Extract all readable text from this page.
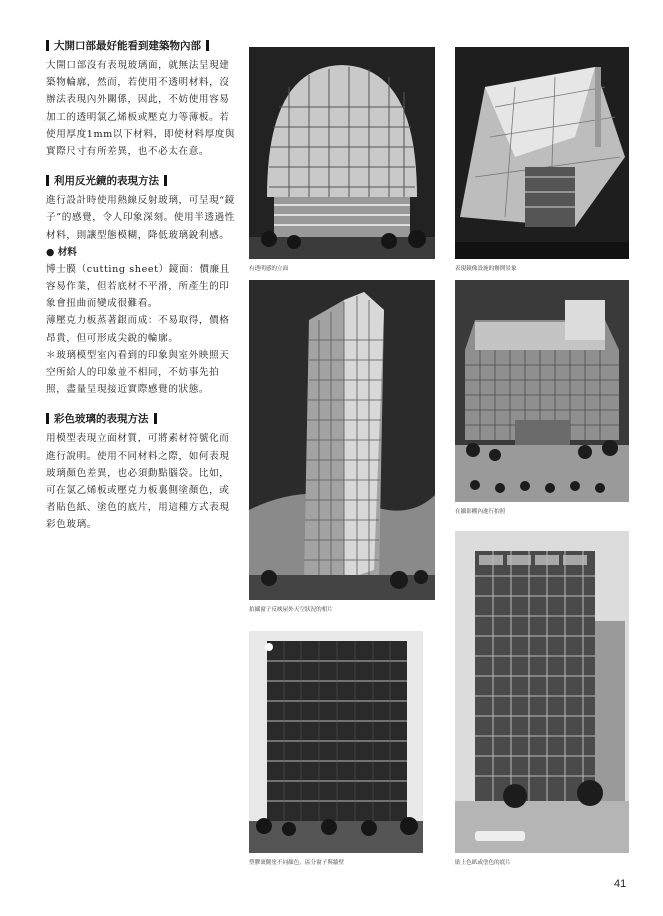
大開口部最好能看到建築物內部

大開口部沒有表現玻璃面，就無法呈現建築物輪廓，然而，若使用不透明材料，沒辦法表現內外關係，因此，不妨使用容易加工的透明氯乙烯板或壓克力等薄板。若使用厚度1mm以下材料，即使材料厚度與實際尺寸有所差異，也不必太在意。

利用反光鏡的表現方法

進行設計時使用熱線反射玻璃，可呈現“鏡子”的感覺，令人印象深刻。使用半透過性材料，則讓型態模糊，降低玻璃銳利感。

● 材料

博士膜（cutting sheet）鏡面：價廉且容易作業，但若底材不平滑，所產生的印象會扭曲而變成很難看。

薄壓克力板蒸著銀而成：不易取得，價格昂貴，但可形成尖銳的輪廓。

＊玻璃模型室內看到的印象與室外映照天空所給人的印象並不相同，不妨事先拍照，盡量呈現接近實際感覺的狀態。

彩色玻璃的表現方法

用模型表現立面材質，可將素材符號化而進行說明。使用不同材料之際，如何表現玻璃顏色差異，也必須動點腦袋。比如，可在氯乙烯板或壓克力板裏側塗顏色，或者貼色紙、塗色的底片，用這種方式表現彩色玻璃。

有透明感的立面	表現鏡像設施的辦開景象
拍攝窗子反映屋外天空狀況的相片
在攝影棚內進行拍照
塑膠裏側塗不同顏色，區分窗子與牆壁	貼上色紙或塗色的底片
41
